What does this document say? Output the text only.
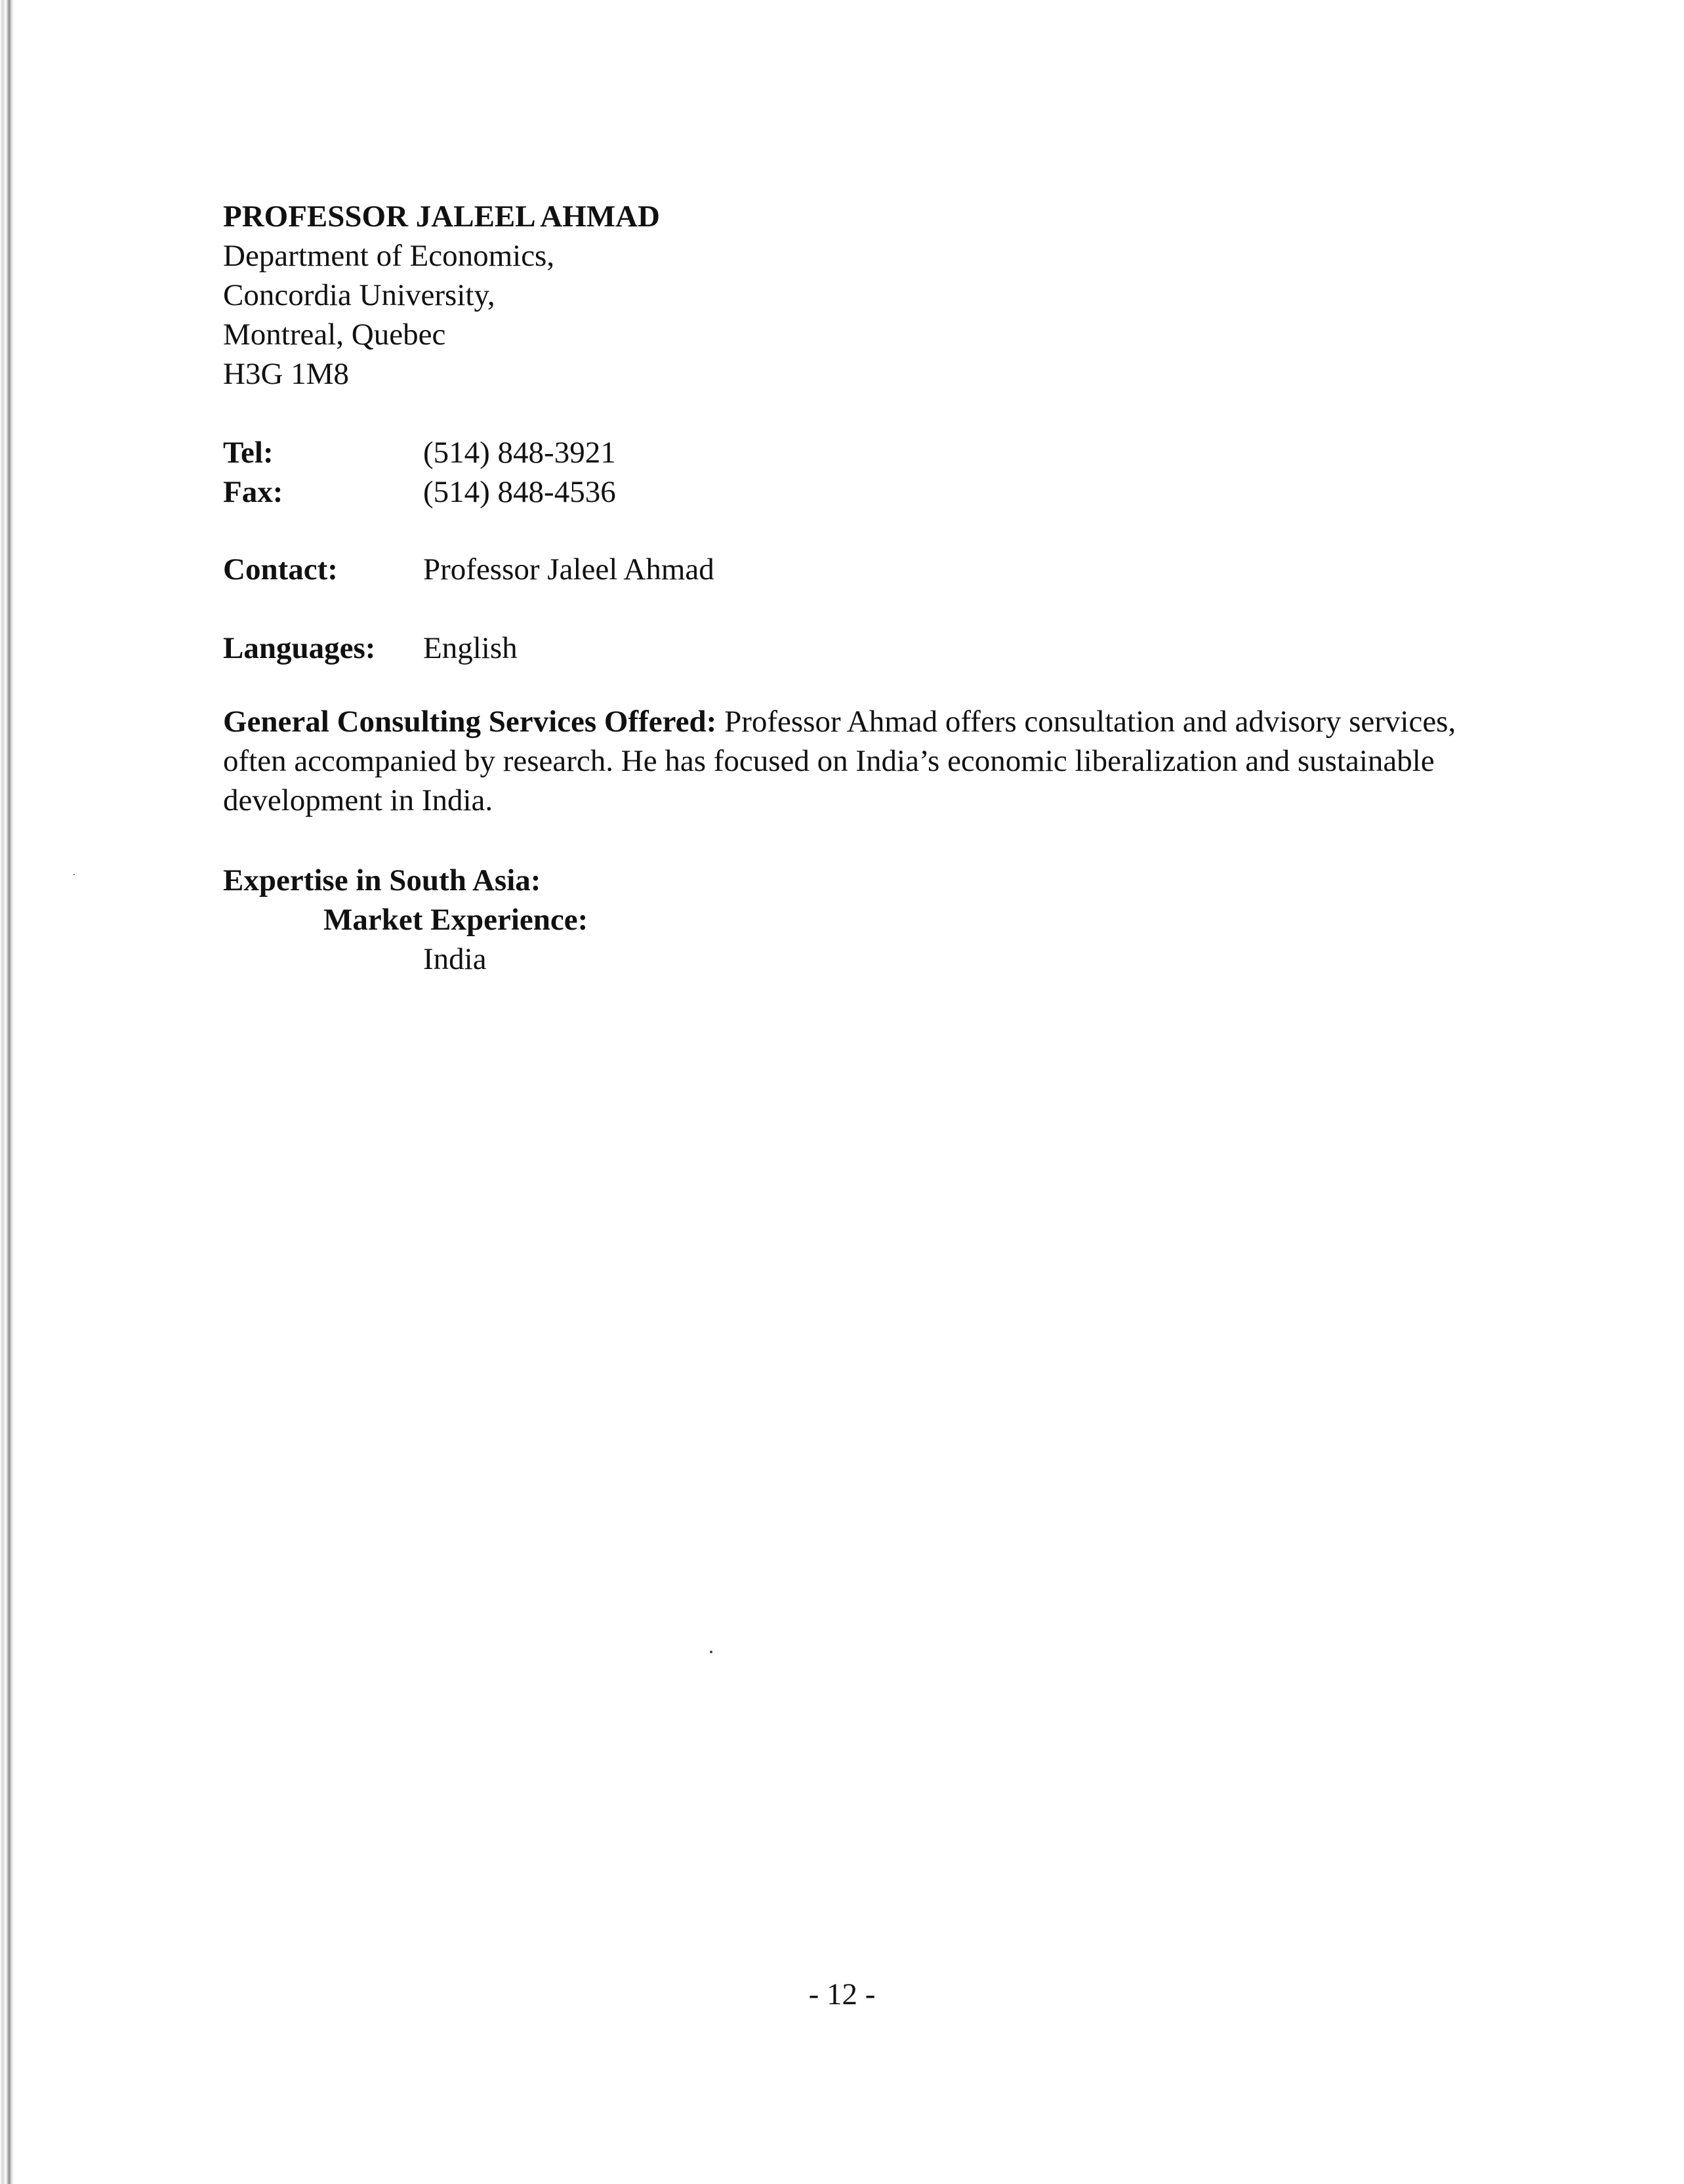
PROFESSOR JALEEL AHMAD
Department of Economics,
Concordia University,
Montreal, Quebec
H3G 1M8
Tel:	(514) 848-3921
Fax:	(514) 848-4536
Contact:	Professor Jaleel Ahmad
Languages: English
General Consulting Services Offered: Professor Ahmad offers consultation and advisory services, often accompanied by research. He has focused on India’s economic liberalization and sustainable development in India.
Expertise in South Asia:
Market Experience:
India
- 12 -
